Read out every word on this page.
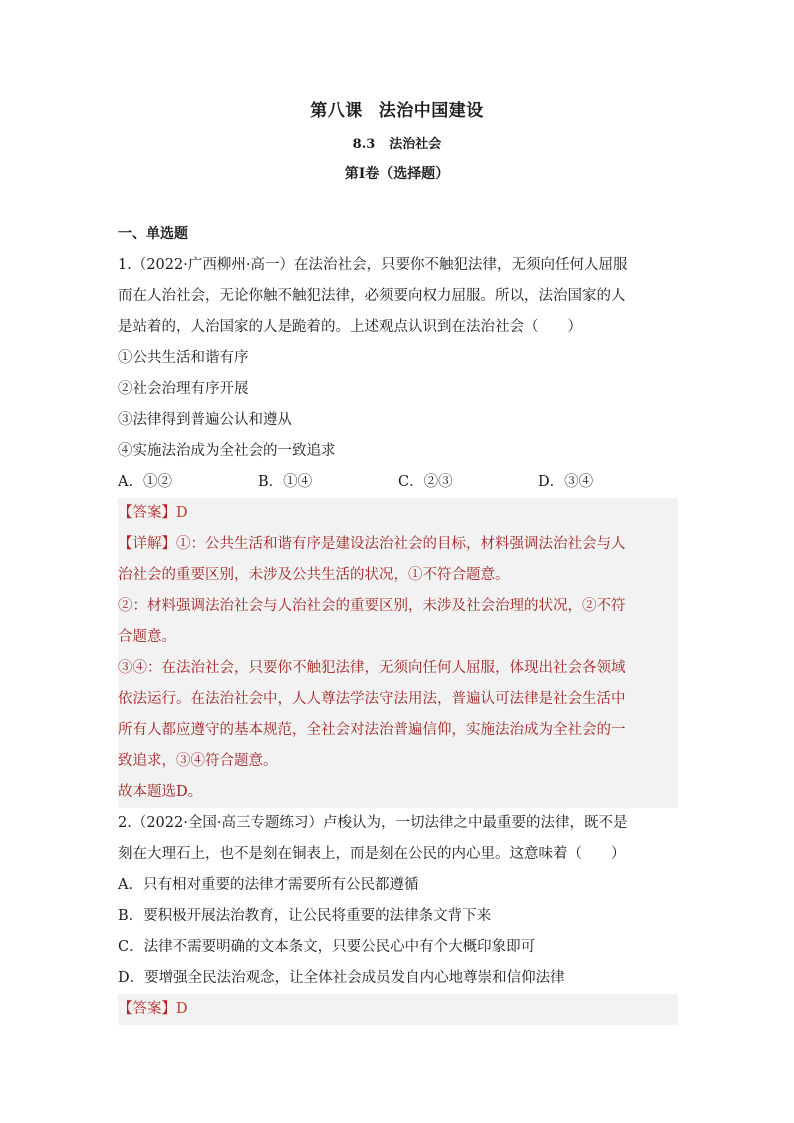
第八课 法治中国建设
8.3 法治社会
第I卷（选择题）
一、单选题
1.（2022·广西柳州·高一）在法治社会，只要你不触犯法律，无须向任何人屈服
而在人治社会，无论你触不触犯法律，必须要向权力屈服。所以，法治国家的人
是站着的，人治国家的人是跪着的。上述观点认识到在法治社会（　　）
①公共生活和谐有序
②社会治理有序开展
③法律得到普遍公认和遵从
④实施法治成为全社会的一致追求
A．①②	B．①④	C．②③	D．③④
【答案】D
【详解】①：公共生活和谐有序是建设法治社会的目标，材料强调法治社会与人
治社会的重要区别，未涉及公共生活的状况，①不符合题意。
②：材料强调法治社会与人治社会的重要区别，未涉及社会治理的状况，②不符
合题意。
③④：在法治社会，只要你不触犯法律，无须向任何人屈服，体现出社会各领域
依法运行。在法治社会中，人人尊法学法守法用法，普遍认可法律是社会生活中
所有人都应遵守的基本规范，全社会对法治普遍信仰，实施法治成为全社会的一
致追求，③④符合题意。
故本题选D。
2.（2022·全国·高三专题练习）卢梭认为，一切法律之中最重要的法律，既不是
刻在大理石上，也不是刻在铜表上，而是刻在公民的内心里。这意味着（　　）
A．只有相对重要的法律才需要所有公民都遵循
B．要积极开展法治教育，让公民将重要的法律条文背下来
C．法律不需要明确的文本条文，只要公民心中有个大概印象即可
D．要增强全民法治观念，让全体社会成员发自内心地尊崇和信仰法律
【答案】D
